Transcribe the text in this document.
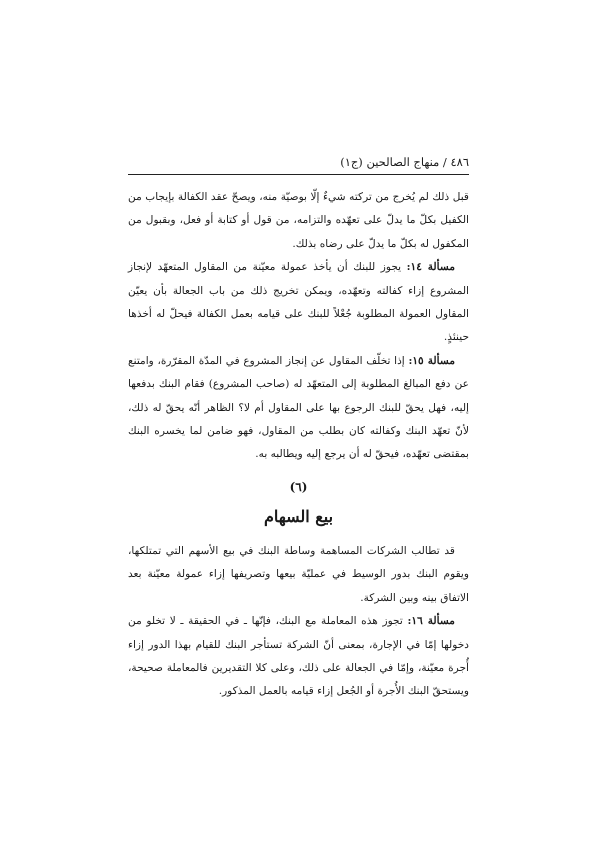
٤٨٦ / منهاج الصالحين (ج١)

قبل ذلك لم يُخرج من تركته شيءٌ إلّا بوصيّة منه، ويصحّ عقد الكفالة بإيجاب من الكفيل بكلّ ما يدلّ على تعهّده والتزامه، من قول أو كتابة أو فعل، وبقبول من المكفول له بكلّ ما يدلّ على رضاه بذلك.

مسألة ١٤: يجوز للبنك أن يأخذ عمولة معيّنة من المقاول المتعهّد لإنجاز المشروع إزاء كفالته وتعهّده، ويمكن تخريج ذلك من باب الجعالة بأن يعيّن المقاول العمولة المطلوبة جُعْلاً للبنك على قيامه بعمل الكفالة فيحلّ له أخذها حينئذٍ.

مسألة ١٥: إذا تخلّف المقاول عن إنجاز المشروع في المدّة المقرّرة، وامتنع عن دفع المبالغ المطلوبة إلى المتعهّد له (صاحب المشروع) فقام البنك بدفعها إليه، فهل يحقّ للبنك الرجوع بها على المقاول أم لا؟ الظاهر أنّه يحقّ له ذلك، لأنّ تعهّد البنك وكفالته كان بطلب من المقاول، فهو ضامن لما يخسره البنك بمقتضى تعهّده، فيحقّ له أن يرجع إليه ويطالبه به.

(٦)
بيع السهام

قد تطالب الشركات المساهمة وساطة البنك في بيع الأسهم التي تمتلكها، ويقوم البنك بدور الوسيط في عمليّة بيعها وتصريفها إزاء عمولة معيّنة بعد الاتفاق بينه وبين الشركة.

مسألة ١٦: تجوز هذه المعاملة مع البنك، فإنّها ـ في الحقيقة ـ لا تخلو من دخولها إمّا في الإجارة، بمعنى أنّ الشركة تستأجر البنك للقيام بهذا الدور إزاء أُجرة معيّنة، وإمّا في الجعالة على ذلك، وعلى كلا التقديرين فالمعاملة صحيحة، ويستحقّ البنك الأُجرة أو الجُعل إزاء قيامه بالعمل المذكور.
